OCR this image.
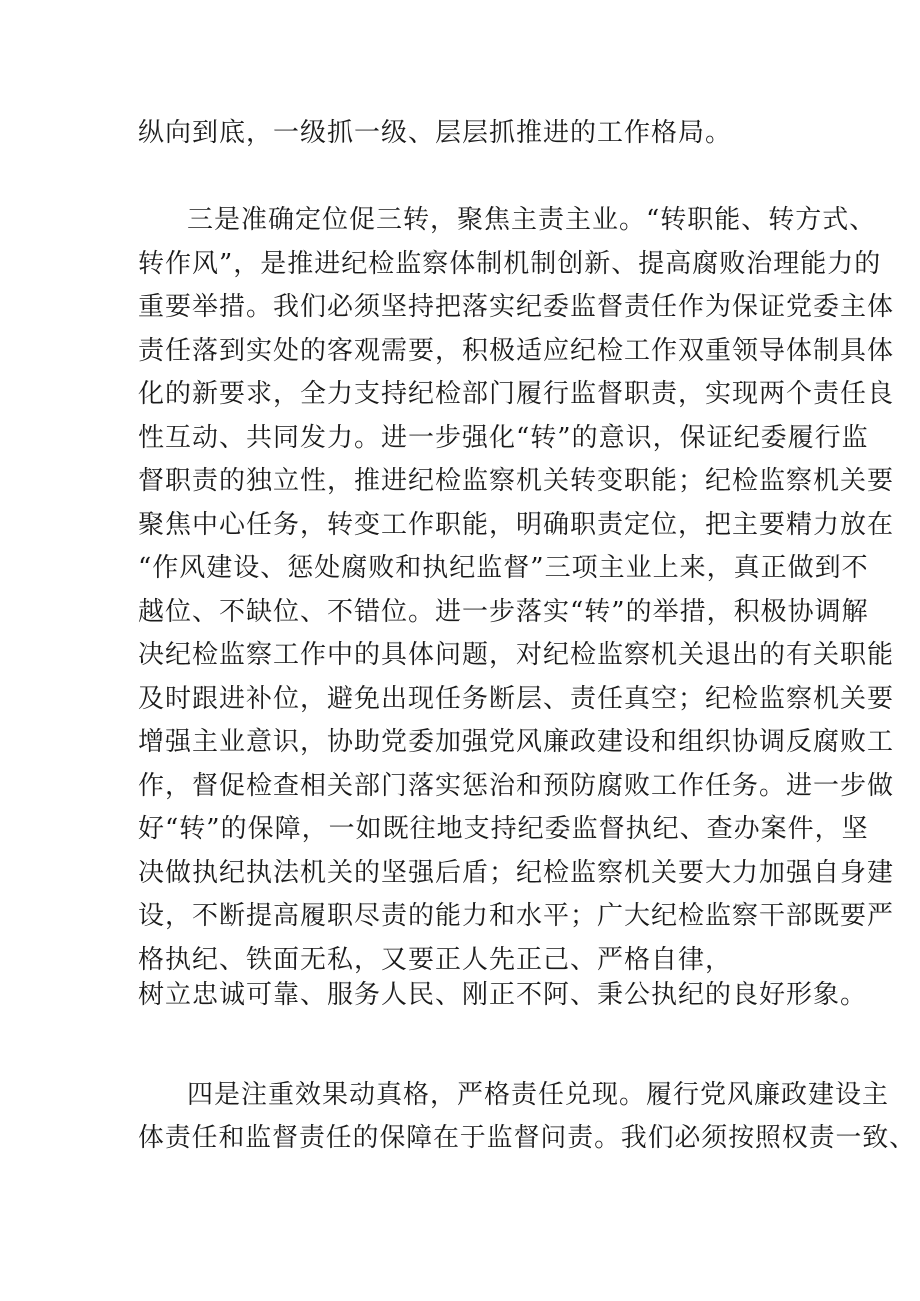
纵向到底，一级抓一级、层层抓推进的工作格局。
三是准确定位促三转，聚焦主责主业。“转职能、转方式、
转作风”，是推进纪检监察体制机制创新、提高腐败治理能力的
重要举措。我们必须坚持把落实纪委监督责任作为保证党委主体
责任落到实处的客观需要，积极适应纪检工作双重领导体制具体
化的新要求，全力支持纪检部门履行监督职责，实现两个责任良
性互动、共同发力。进一步强化“转”的意识，保证纪委履行监
督职责的独立性，推进纪检监察机关转变职能；纪检监察机关要
聚焦中心任务，转变工作职能，明确职责定位，把主要精力放在
“作风建设、惩处腐败和执纪监督”三项主业上来，真正做到不
越位、不缺位、不错位。进一步落实“转”的举措，积极协调解
决纪检监察工作中的具体问题，对纪检监察机关退出的有关职能
及时跟进补位，避免出现任务断层、责任真空；纪检监察机关要
增强主业意识，协助党委加强党风廉政建设和组织协调反腐败工
作，督促检查相关部门落实惩治和预防腐败工作任务。进一步做
好“转”的保障，一如既往地支持纪委监督执纪、查办案件，坚
决做执纪执法机关的坚强后盾；纪检监察机关要大力加强自身建
设，不断提高履职尽责的能力和水平；广大纪检监察干部既要严
格执纪、铁面无私，又要正人先正己、严格自律，
树立忠诚可靠、服务人民、刚正不阿、秉公执纪的良好形象。
四是注重效果动真格，严格责任兑现。履行党风廉政建设主
体责任和监督责任的保障在于监督问责。我们必须按照权责一致、
